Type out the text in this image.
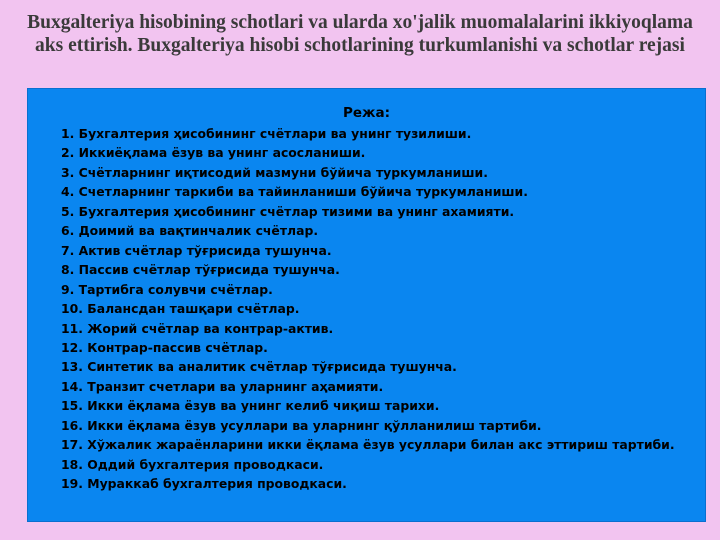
Buxgalteriya hisobining schotlari va ularda xo'jalik muomalalarini ikkiyoqlama aks ettirish. Buxgalteriya hisobi schotlarining turkumlanishi va schotlar rejasi
Режа:
1. Бухгалтерия ҳисобининг счётлари ва унинг тузилиши.
2. Иккиёқлама ёзув ва унинг асосланиши.
3. Счётларнинг иқтисодий мазмуни бўйича туркумланиши.
4. Счетларнинг таркиби ва тайинланиши бўйича туркумланиши.
5. Бухгалтерия ҳисобининг счётлар тизими ва унинг ахамияти.
6. Доимий ва вақтинчалик счётлар.
7. Актив счётлар тўғрисида тушунча.
8. Пассив счётлар тўғрисида тушунча.
9. Тартибга солувчи счётлар.
10. Балансдан ташқари счётлар.
11. Жорий счётлар ва контрар-актив.
12. Контрар-пассив счётлар.
13. Синтетик ва аналитик счётлар тўғрисида тушунча.
14. Транзит счетлари ва уларнинг аҳамияти.
15. Икки ёқлама ёзув ва унинг келиб чиқиш тарихи.
16. Икки ёқлама ёзув усуллари ва уларнинг қўлланилиш тартиби.
17. Хўжалик жараёнларини икки ёқлама ёзув усуллари билан акс эттириш тартиби.
18. Оддий бухгалтерия проводкаси.
19. Мураккаб бухгалтерия проводкаси.
